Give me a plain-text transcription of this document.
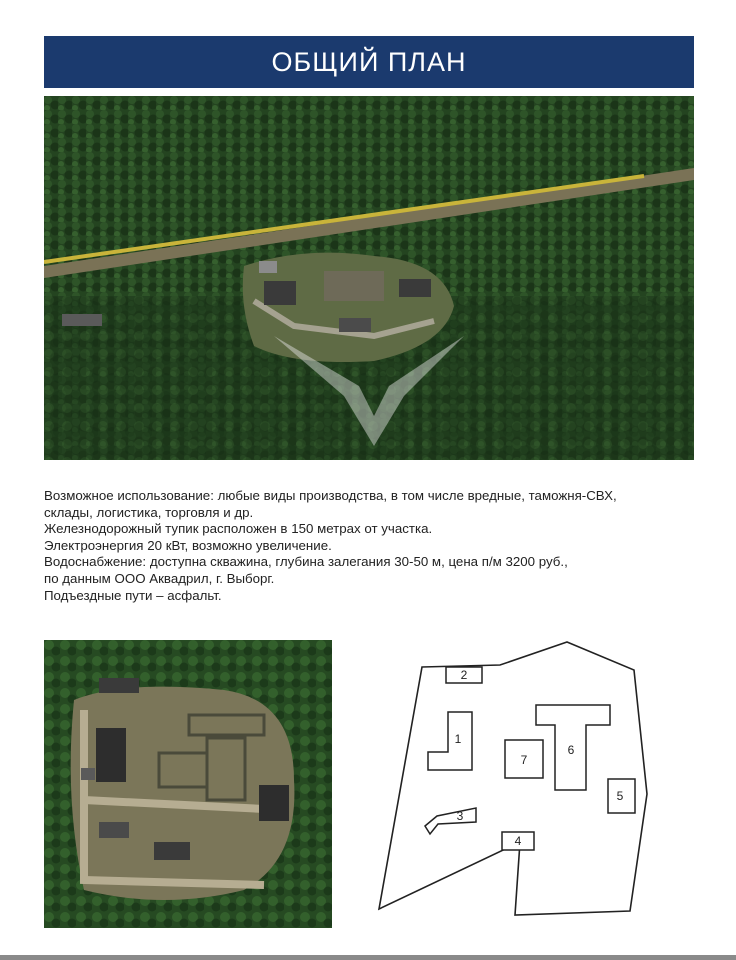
ОБЩИЙ ПЛАН
Возможное использование: любые виды производства, в том числе вредные, таможня-СВХ,
склады, логистика, торговля и др.
Железнодорожный тупик расположен в 150 метрах от участка.
Электроэнергия 20 кВт, возможно увеличение.
Водоснабжение: доступна скважина, глубина залегания 30-50 м, цена п/м 3200 руб.,
по данным ООО Аквадрил, г. Выборг.
Подъездные пути – асфальт.
1
2
3
4
5
6
7
